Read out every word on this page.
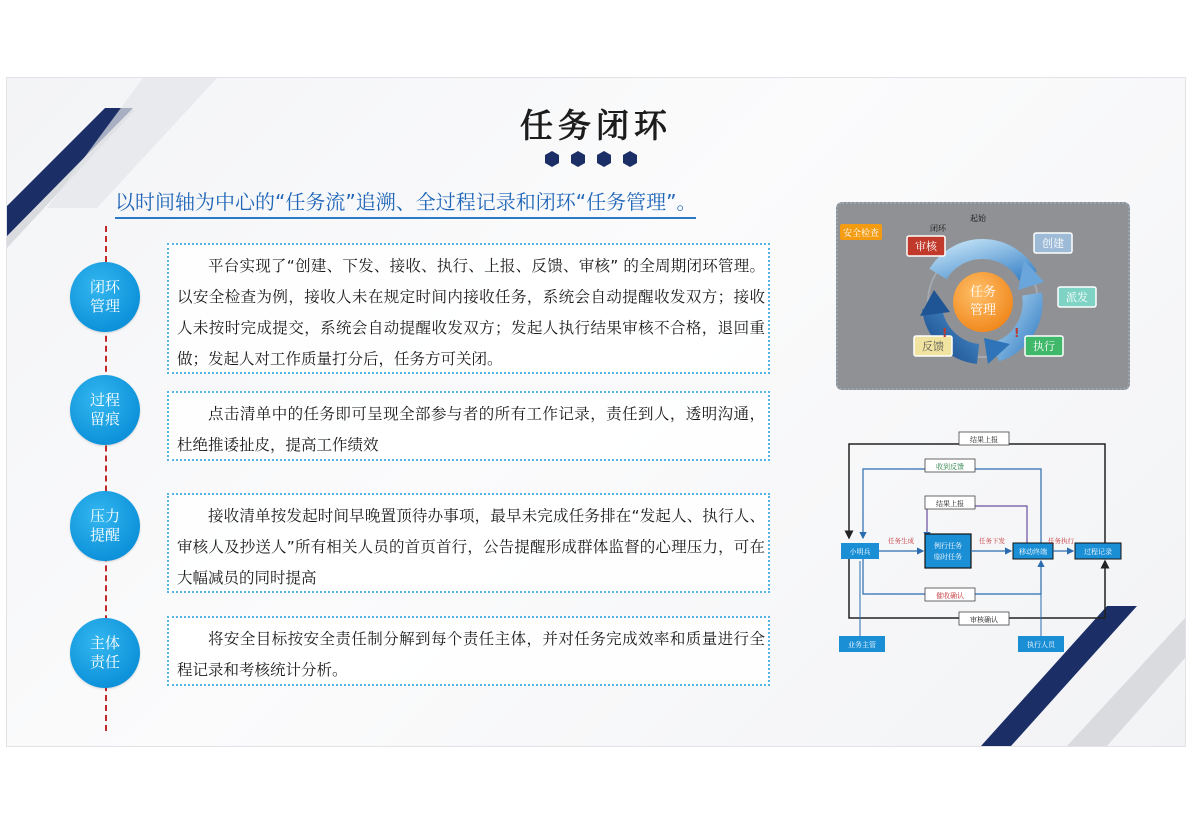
任务闭环
以时间轴为中心的“任务流”追溯、全过程记录和闭环“任务管理”。
闭环
管理
平台实现了“创建、下发、接收、执行、上报、反馈、审核” 的全周期闭环管理。以安全检查为例，接收人未在规定时间内接收任务，系统会自动提醒收发双方；接收人未按时完成提交，系统会自动提醒收发双方；发起人执行结果审核不合格，退回重做；发起人对工作质量打分后，任务方可关闭。
过程
留痕	点击清单中的任务即可呈现全部参与者的所有工作记录，责任到人，透明沟通，杜绝推诿扯皮，提高工作绩效
压力
提醒
接收清单按发起时间早晚置顶待办事项，最早未完成任务排在“发起人、执行人、审核人及抄送人”所有相关人员的首页首行，公告提醒形成群体监督的心理压力，可在大幅减员的同时提高
主体
责任
将安全目标按安全责任制分解到每个责任主体，并对任务完成效率和质量进行全程记录和考核统计分析。
任务
管理
安全检查
闭环
起始
审核	创建
派发
执行
反馈
!	!
结果上报
收到反馈
结果上报
小明兵
例行任务
临时任务
移动终端	过程记录
任务生成	任务下发	任务执行
催收确认
审核确认
业务主管	执行人员
